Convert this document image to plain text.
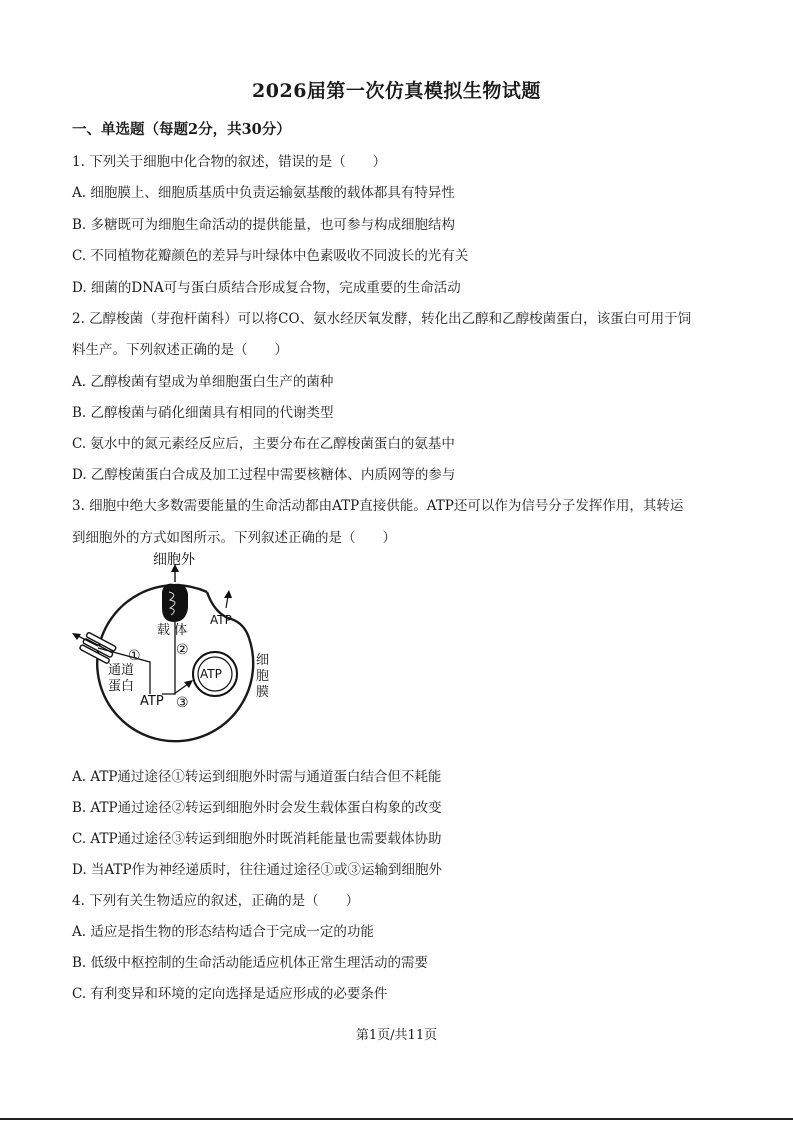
2026届第一次仿真模拟生物试题
一、单选题（每题2分，共30分）
1. 下列关于细胞中化合物的叙述，错误的是（　　）
A. 细胞膜上、细胞质基质中负责运输氨基酸的载体都具有特异性
B. 多糖既可为细胞生命活动的提供能量，也可参与构成细胞结构
C. 不同植物花瓣颜色的差异与叶绿体中色素吸收不同波长的光有关
D. 细菌的DNA可与蛋白质结合形成复合物，完成重要的生命活动
2. 乙醇梭菌（芽孢杆菌科）可以将CO、氨水经厌氧发酵，转化出乙醇和乙醇梭菌蛋白，该蛋白可用于饲
料生产。下列叙述正确的是（　　）
A. 乙醇梭菌有望成为单细胞蛋白生产的菌种
B. 乙醇梭菌与硝化细菌具有相同的代谢类型
C. 氨水中的氮元素经反应后，主要分布在乙醇梭菌蛋白的氨基中
D. 乙醇梭菌蛋白合成及加工过程中需要核糖体、内质网等的参与
3. 细胞中绝大多数需要能量的生命活动都由ATP直接供能。ATP还可以作为信号分子发挥作用，其转运
到细胞外的方式如图所示。下列叙述正确的是（　　）
细胞外
载 体
②
①
通道
蛋白
ATP ③
ATP
ATP
细
胞
膜
A. ATP通过途径①转运到细胞外时需与通道蛋白结合但不耗能
B. ATP通过途径②转运到细胞外时会发生载体蛋白构象的改变
C. ATP通过途径③转运到细胞外时既消耗能量也需要载体协助
D. 当ATP作为神经递质时，往往通过途径①或③运输到细胞外
4. 下列有关生物适应的叙述，正确的是（　　）
A. 适应是指生物的形态结构适合于完成一定的功能
B. 低级中枢控制的生命活动能适应机体正常生理活动的需要
C. 有利变异和环境的定向选择是适应形成的必要条件
第1页/共11页
